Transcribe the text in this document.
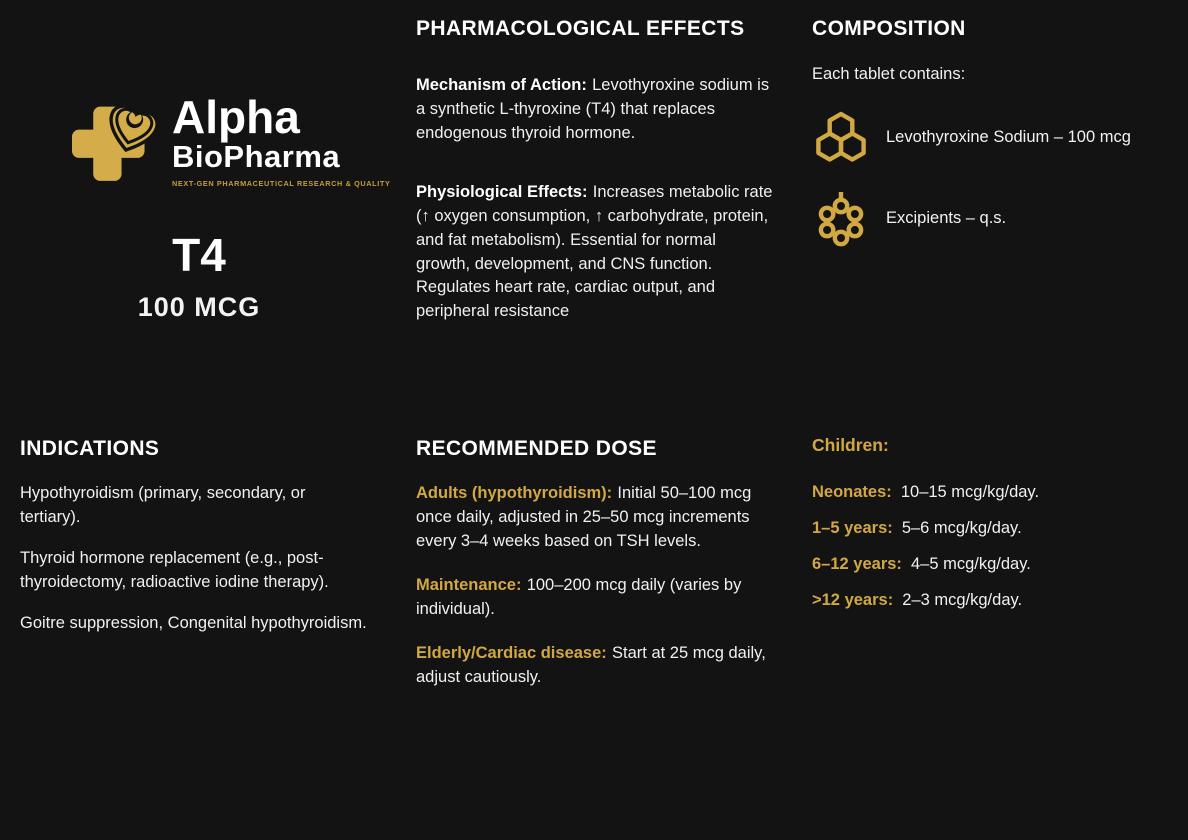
Alpha
BioPharma
NEXT-GEN PHARMACEUTICAL RESEARCH & QUALITY
T4
100 MCG
PHARMACOLOGICAL EFFECTS

Mechanism of Action: Levothyroxine sodium is a synthetic L-thyroxine (T4) that replaces endogenous thyroid hormone.

Physiological Effects: Increases metabolic rate (↑ oxygen consumption, ↑ carbohydrate, protein, and fat metabolism). Essential for normal growth, development, and CNS function. Regulates heart rate, cardiac output, and peripheral resistance

COMPOSITION

Each tablet contains:

Levothyroxine Sodium – 100 mcg
Excipients – q.s.
INDICATIONS

Hypothyroidism (primary, secondary, or tertiary).

Thyroid hormone replacement (e.g., post-thyroidectomy, radioactive iodine therapy).

Goitre suppression, Congenital hypothyroidism.

RECOMMENDED DOSE

Adults (hypothyroidism): Initial 50–100 mcg once daily, adjusted in 25–50 mcg increments every 3–4 weeks based on TSH levels.

Maintenance: 100–200 mcg daily (varies by individual).

Elderly/Cardiac disease: Start at 25 mcg daily, adjust cautiously.

Children:

Neonates: 10–15 mcg/kg/day.

1–5 years: 5–6 mcg/kg/day.

6–12 years: 4–5 mcg/kg/day.

>12 years: 2–3 mcg/kg/day.
